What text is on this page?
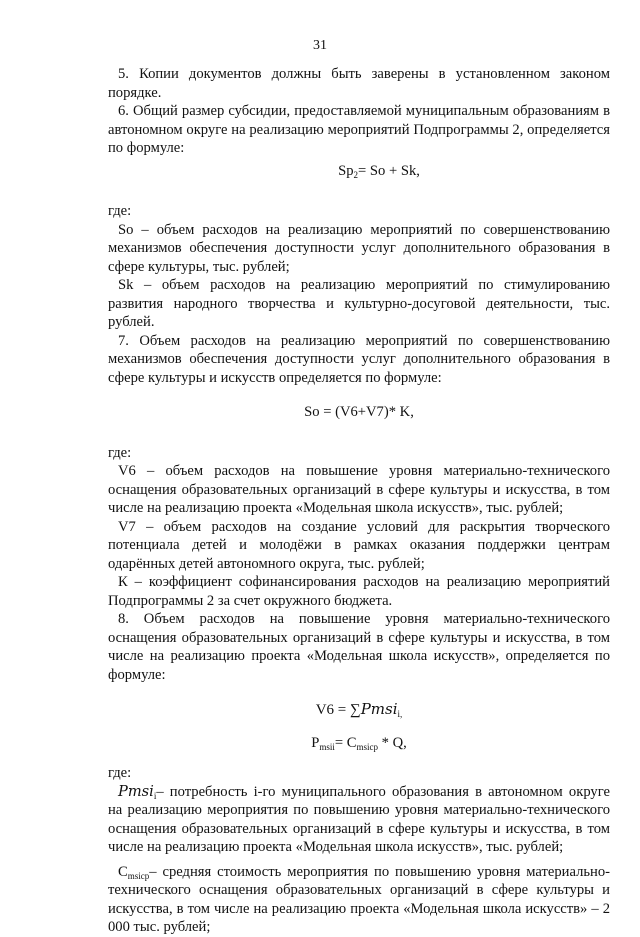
31

5. Копии документов должны быть заверены в установленном законом порядке.

6. Общий размер субсидии, предоставляемой муниципальным образованиям в автономном округе на реализацию мероприятий Подпрограммы 2, определяется по формуле:

$Sp_2= So + Sk$,

где:

So – объем расходов на реализацию мероприятий по совершенствованию механизмов обеспечения доступности услуг дополнительного образования в сфере культуры, тыс. рублей;

Sk – объем расходов на реализацию мероприятий по стимулированию развития народного творчества и культурно-досуговой деятельности, тыс. рублей.

7. Объем расходов на реализацию мероприятий по совершенствованию механизмов обеспечения доступности услуг дополнительного образования в сфере культуры и искусств определяется по формуле:

So = (V6+V7)* K,

где:

V6 – объем расходов на повышение уровня материально-технического оснащения образовательных организаций в сфере культуры и искусства, в том числе на реализацию проекта «Модельная школа искусств», тыс. рублей;

V7 – объем расходов на создание условий для раскрытия творческого потенциала детей и молодёжи в рамках оказания поддержки центрам одарённых детей автономного округа, тыс. рублей;

К – коэффициент софинансирования расходов на реализацию мероприятий Подпрограммы 2 за счет окружного бюджета.

8. Объем расходов на повышение уровня материально-технического оснащения образовательных организаций в сфере культуры и искусства, в том числе на реализацию проекта «Модельная школа искусств», определяется по формуле:

V6 = ∑Pmsi$_{i,}$

$P_{msii}= C_{msicp} * Q$,

где:

Pmsi$_i$– потребность i-го муниципального образования в автономном округе на реализацию мероприятия по повышению уровня материально-технического оснащения образовательных организаций в сфере культуры и искусства, в том числе на реализацию проекта «Модельная школа искусств», тыс. рублей;

$C_{msicp}-$ средняя стоимость мероприятия по повышению уровня материально-технического оснащения образовательных организаций в сфере культуры и искусства, в том числе на реализацию проекта «Модельная школа искусств» – 2 000 тыс. рублей;
